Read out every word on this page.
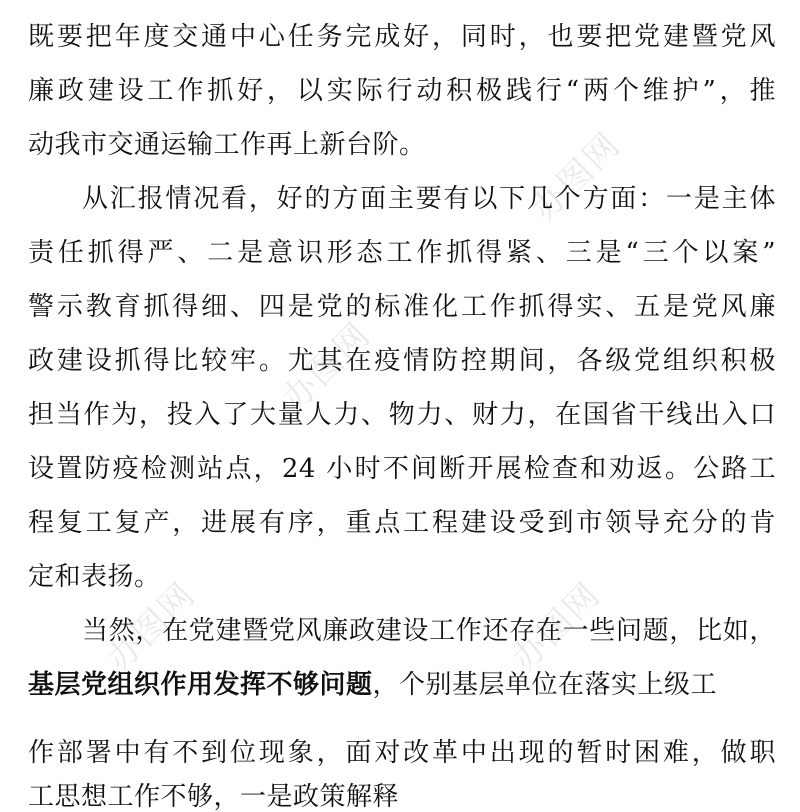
办图网
办图网
办图网	办图网
既要把年度交通中心任务完成好，同时，也要把党建暨党风
廉政建设工作抓好，以实际行动积极践行“两个维护”，推
动我市交通运输工作再上新台阶。
从汇报情况看，好的方面主要有以下几个方面：一是主体
责任抓得严、二是意识形态工作抓得紧、三是“三个以案”
警示教育抓得细、四是党的标准化工作抓得实、五是党风廉
政建设抓得比较牢。尤其在疫情防控期间，各级党组织积极
担当作为，投入了大量人力、物力、财力，在国省干线出入口
设置防疫检测站点，24 小时不间断开展检查和劝返。公路工
程复工复产，进展有序，重点工程建设受到市领导充分的肯
定和表扬。
当然，在党建暨党风廉政建设工作还存在一些问题，比如，
基层党组织作用发挥不够问题，个别基层单位在落实上级工
作部署中有不到位现象，面对改革中出现的暂时困难，做职
工思想工作不够，一是政策解释
